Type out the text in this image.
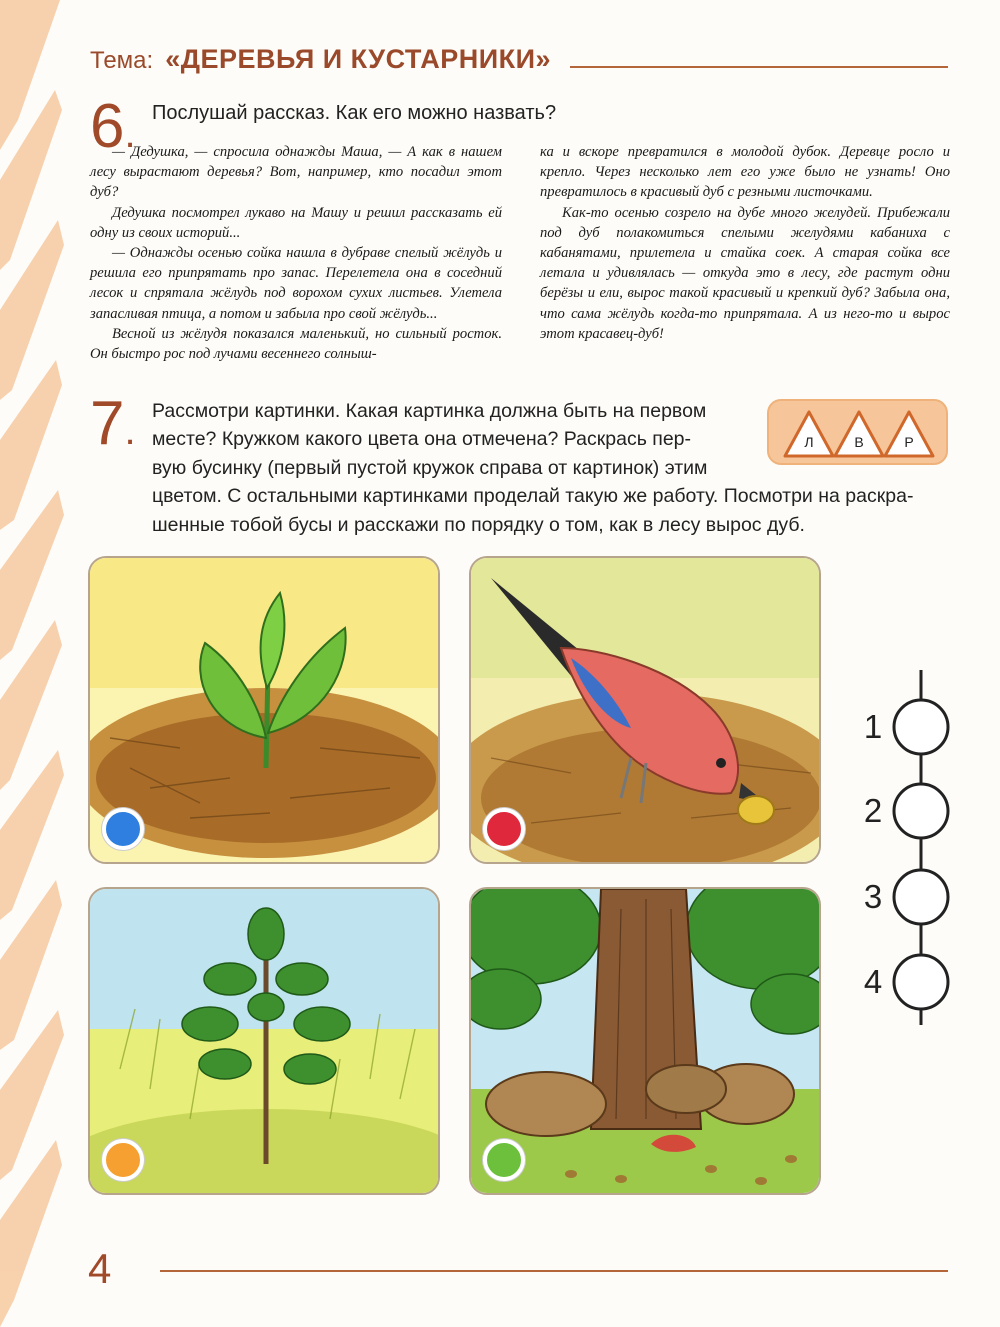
Тема: «ДЕРЕВЬЯ И КУСТАРНИКИ»
6. Послушай рассказ. Как его можно назвать?

— Дедушка, — спросила однажды Маша, — А как в нашем лесу вырастают деревья? Вот, например, кто посадил этот дуб?

Дедушка посмотрел лукаво на Машу и решил рассказать ей одну из своих историй...

— Однажды осенью сойка нашла в дубраве спелый жёлудь и решила его припрятать про запас. Перелетела она в соседний лесок и спрятала жёлудь под ворохом сухих листьев. Улетела запасливая птица, а потом и забыла про свой жёлудь...

Весной из жёлудя показался маленький, но сильный росток. Он быстро рос под лучами весеннего солныш-

ка и вскоре превратился в молодой дубок. Деревце росло и крепло. Через несколько лет его уже было не узнать! Оно превратилось в красивый дуб с резными листочками.

Как-то осенью созрело на дубе много желудей. Прибежали под дуб полакомиться спелыми желудями кабаниха с кабанятами, прилетела и стайка соек. А старая сойка все летала и удивлялась — откуда это в лесу, где растут одни берёзы и ели, вырос такой красивый и крепкий дуб? Забыла она, что сама жёлудь когда-то припрятала. А из него-то и вырос этот красавец-дуб!

7. Рассмотри картинки. Какая картинка должна быть на первом
месте? Кружком какого цвета она отмечена? Раскрась пер-
вую бусинку (первый пустой кружок справа от картинок) этим
цветом. С остальными картинками проделай такую же работу. Посмотри на раскра-
шенные тобой бусы и расскажи по порядку о том, как в лесу вырос дуб.
Л	В	Р
1
2
3
4
4
